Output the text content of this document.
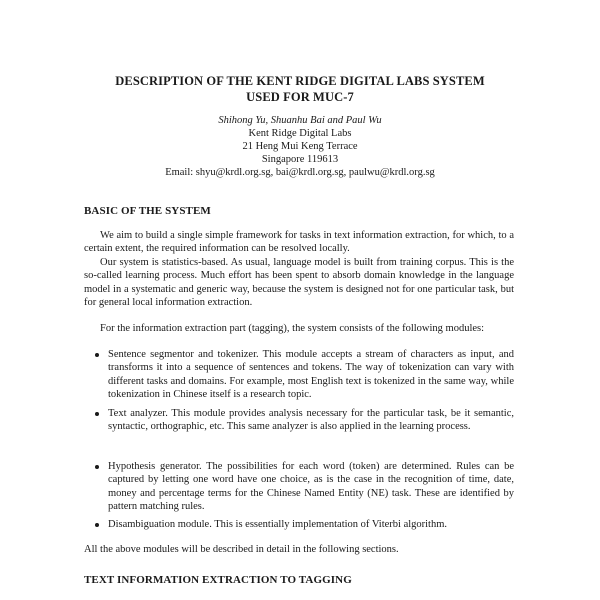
DESCRIPTION OF THE KENT RIDGE DIGITAL LABS SYSTEM
USED FOR MUC-7
Shihong Yu, Shuanhu Bai and Paul Wu
Kent Ridge Digital Labs
21 Heng Mui Keng Terrace
Singapore 119613
Email: shyu@krdl.org.sg, bai@krdl.org.sg, paulwu@krdl.org.sg
BASIC OF THE SYSTEM
We aim to build a single simple framework for tasks in text information extraction, for which, to a certain extent, the required information can be resolved locally.
Our system is statistics-based. As usual, language model is built from training corpus. This is the so-called learning process. Much effort has been spent to absorb domain knowledge in the language model in a systematic and generic way, because the system is designed not for one particular task, but for general local information extraction.
For the information extraction part (tagging), the system consists of the following modules:
Sentence segmentor and tokenizer. This module accepts a stream of characters as input, and transforms it into a sequence of sentences and tokens. The way of tokenization can vary with different tasks and domains. For example, most English text is tokenized in the same way, while tokenization in Chinese itself is a research topic.
Text analyzer. This module provides analysis necessary for the particular task, be it semantic, syntactic, orthographic, etc. This same analyzer is also applied in the learning process.
Hypothesis generator. The possibilities for each word (token) are determined. Rules can be captured by letting one word have one choice, as is the case in the recognition of time, date, money and percentage terms for the Chinese Named Entity (NE) task. These are identified by pattern matching rules.
Disambiguation module. This is essentially implementation of Viterbi algorithm.
All the above modules will be described in detail in the following sections.
TEXT INFORMATION EXTRACTION TO TAGGING
